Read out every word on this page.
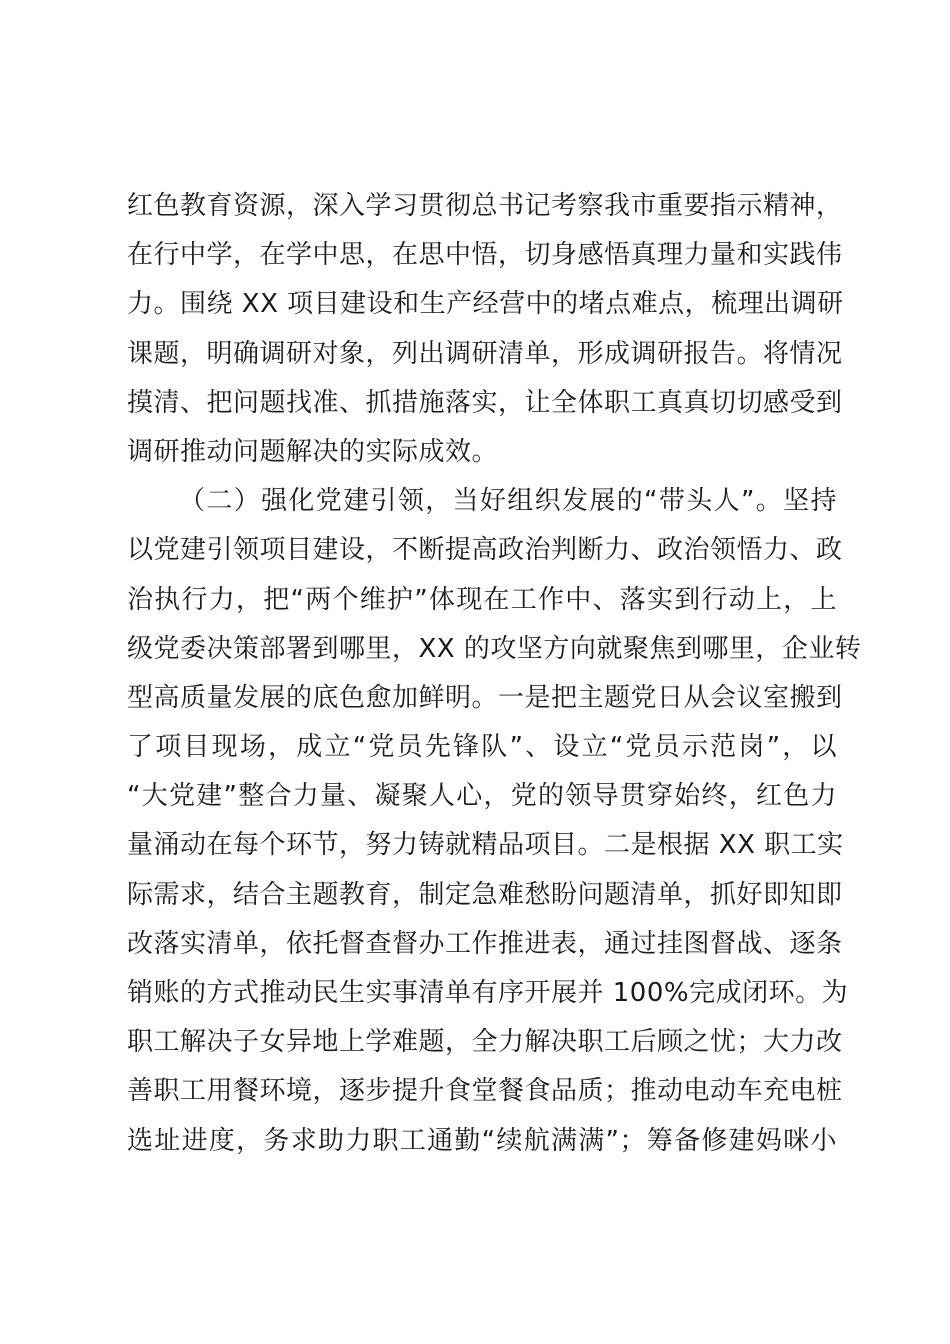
红色教育资源，深入学习贯彻总书记考察我市重要指示精神，
在行中学，在学中思，在思中悟，切身感悟真理力量和实践伟
力。围绕 XX 项目建设和生产经营中的堵点难点，梳理出调研
课题，明确调研对象，列出调研清单，形成调研报告。将情况
摸清、把问题找准、抓措施落实，让全体职工真真切切感受到
调研推动问题解决的实际成效。
（二）强化党建引领，当好组织发展的“带头人”。坚持
以党建引领项目建设，不断提高政治判断力、政治领悟力、政
治执行力，把“两个维护”体现在工作中、落实到行动上，上
级党委决策部署到哪里，XX 的攻坚方向就聚焦到哪里，企业转
型高质量发展的底色愈加鲜明。一是把主题党日从会议室搬到
了项目现场，成立“党员先锋队”、设立“党员示范岗”，以
“大党建”整合力量、凝聚人心，党的领导贯穿始终，红色力
量涌动在每个环节，努力铸就精品项目。二是根据 XX 职工实
际需求，结合主题教育，制定急难愁盼问题清单，抓好即知即
改落实清单，依托督查督办工作推进表，通过挂图督战、逐条
销账的方式推动民生实事清单有序开展并 100%完成闭环。为
职工解决子女异地上学难题，全力解决职工后顾之忧；大力改
善职工用餐环境，逐步提升食堂餐食品质；推动电动车充电桩
选址进度，务求助力职工通勤“续航满满”；筹备修建妈咪小
